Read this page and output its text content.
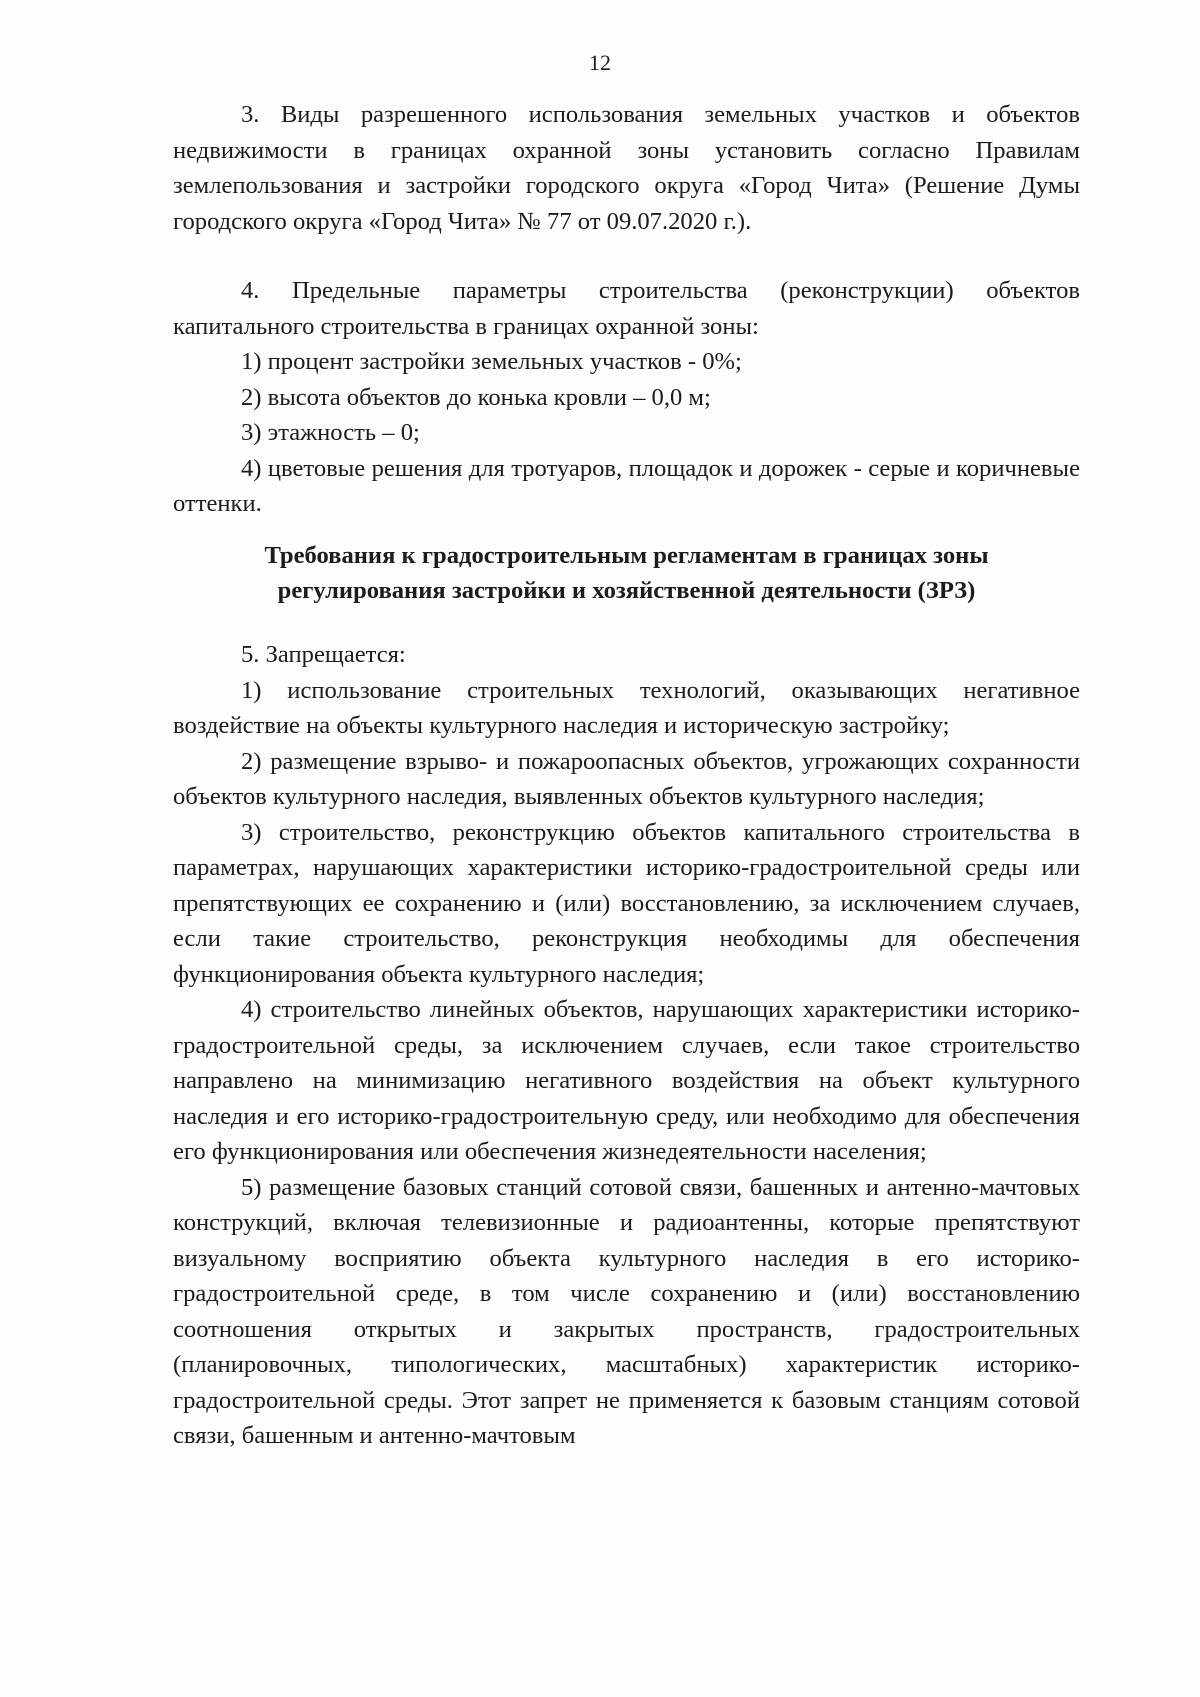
12

3. Виды разрешенного использования земельных участков и объектов недвижимости в границах охранной зоны установить согласно Правилам землепользования и застройки городского округа «Город Чита» (Решение Думы городского округа «Город Чита» № 77 от 09.07.2020 г.).

4. Предельные параметры строительства (реконструкции) объектов капитального строительства в границах охранной зоны:

1) процент застройки земельных участков - 0%;

2) высота объектов до конька кровли – 0,0 м;

3) этажность – 0;

4) цветовые решения для тротуаров, площадок и дорожек - серые и коричневые оттенки.

Требования к градостроительным регламентам в границах зоны
регулирования застройки и хозяйственной деятельности (ЗРЗ)

5. Запрещается:

1) использование строительных технологий, оказывающих негативное воздействие на объекты культурного наследия и историческую застройку;

2) размещение взрыво- и пожароопасных объектов, угрожающих сохранности объектов культурного наследия, выявленных объектов культурного наследия;

3) строительство, реконструкцию объектов капитального строительства в параметрах, нарушающих характеристики историко-градостроительной среды или препятствующих ее сохранению и (или) восстановлению, за исключением случаев, если такие строительство, реконструкция необходимы для обеспечения функционирования объекта культурного наследия;

4) строительство линейных объектов, нарушающих характеристики историко-градостроительной среды, за исключением случаев, если такое строительство направлено на минимизацию негативного воздействия на объект культурного наследия и его историко-градостроительную среду, или необходимо для обеспечения его функционирования или обеспечения жизнедеятельности населения;

5) размещение базовых станций сотовой связи, башенных и антенно-мачтовых конструкций, включая телевизионные и радиоантенны, которые препятствуют визуальному восприятию объекта культурного наследия в его историко-градостроительной среде, в том числе сохранению и (или) восстановлению соотношения открытых и закрытых пространств, градостроительных (планировочных, типологических, масштабных) характеристик историко-градостроительной среды. Этот запрет не применяется к базовым станциям сотовой связи, башенным и антенно-мачтовым
